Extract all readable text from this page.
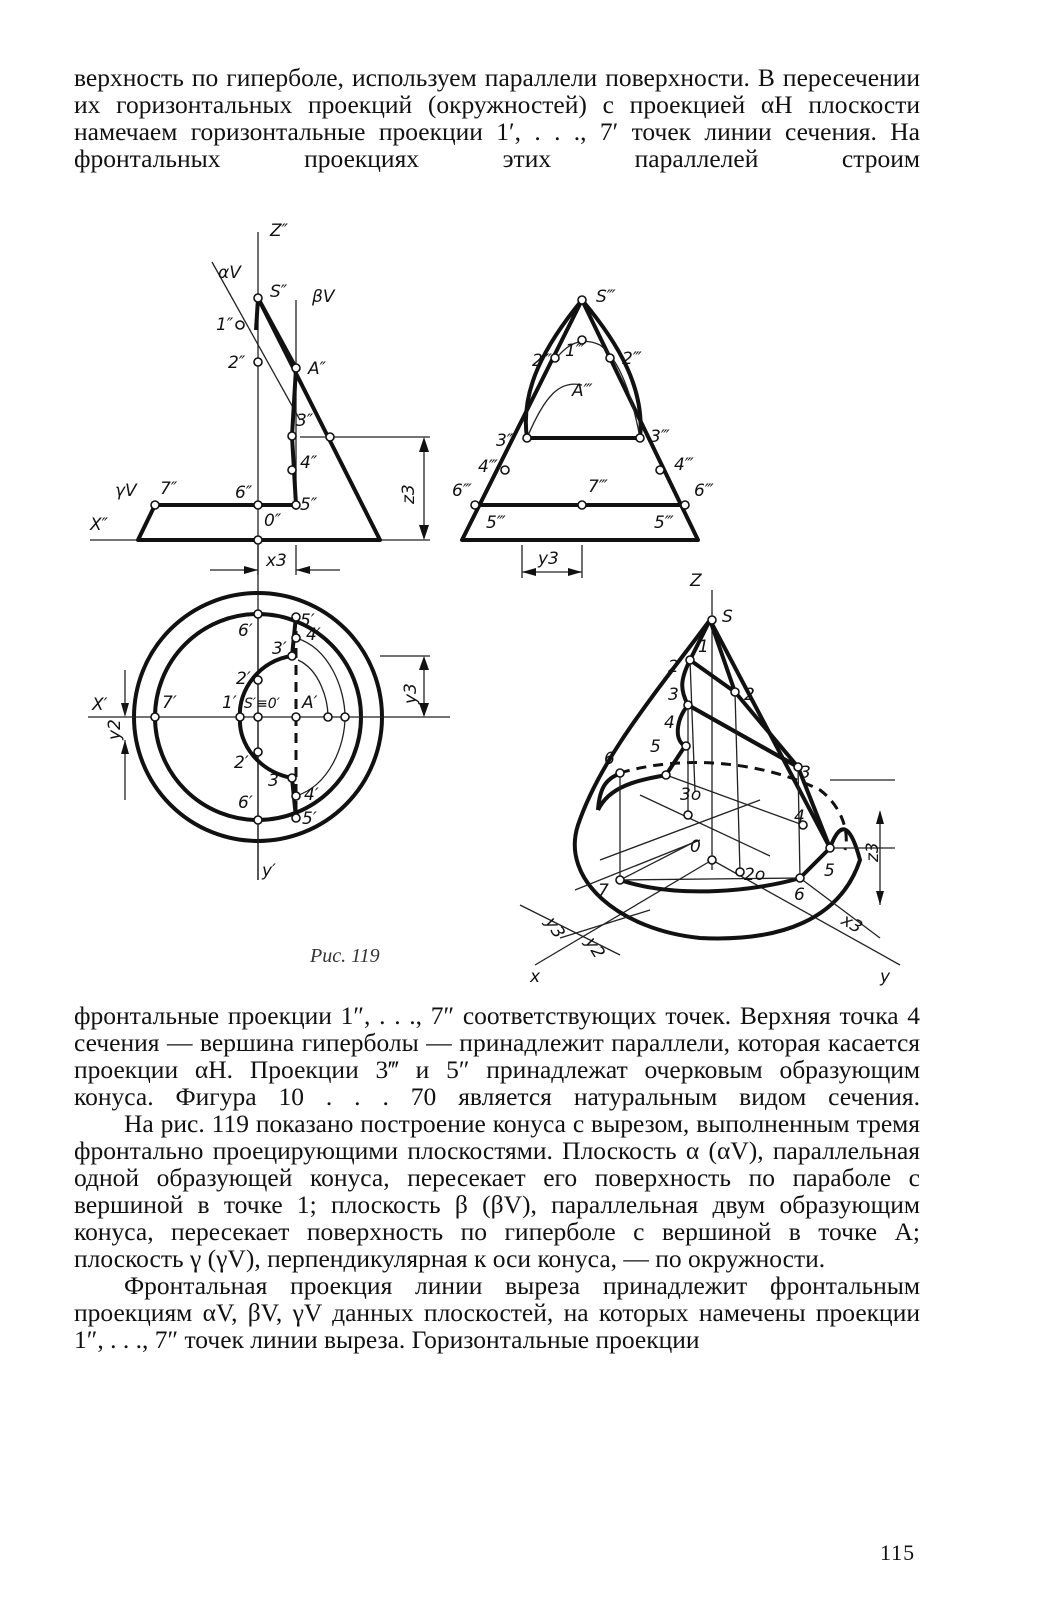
верхность по гиперболе, используем параллели поверхности. В пересечении их горизонтальных проекций (окружностей) с проекцией αH плоскости намечаем горизонтальные проекции 1′, . . ., 7′ точек линии сечения. На фронтальных проекциях этих параллелей строим
Z″
αV
S″ βV
1″
2″	A″
3″
4″
5″
6″
7″
γV
X″	0″
z3
x3
S‴
1‴
2‴	2‴
A‴
3‴	3‴
4‴	4‴
6‴	6‴
7‴
5‴	5‴
y3
6′	5′
4′
3′
2′
7′	1′ S′≡0′ A′
2′
3′
4′
6′
5′
X′
y2
y3
y′
Z
S
1
2
2
3
4
5
6
3
4
3o
0
2o
7	6
5
z3
x3
y3
y2
x	y
Рис. 119

фронтальные проекции 1″, . . ., 7″ соответствующих точек. Верхняя точка 4 сечения — вершина гиперболы — принадлежит параллели, которая касается проекции αH. Проекции 3‴ и 5″ принадлежат очерковым образующим конуса. Фигура 10 . . . 70 является натуральным видом сечения.

На рис. 119 показано построение конуса с вырезом, выполненным тремя фронтально проецирующими плоскостями. Плоскость α (αV), параллельная одной образующей конуса, пересекает его поверхность по параболе с вершиной в точке 1; плоскость β (βV), параллельная двум образующим конуса, пересекает поверхность по гиперболе с вершиной в точке A; плоскость γ (γV), перпендикулярная к оси конуса, — по окружности.

Фронтальная проекция линии выреза принадлежит фронтальным проекциям αV, βV, γV данных плоскостей, на которых намечены проекции 1″, . . ., 7″ точек линии выреза. Горизонтальные проекции

115
